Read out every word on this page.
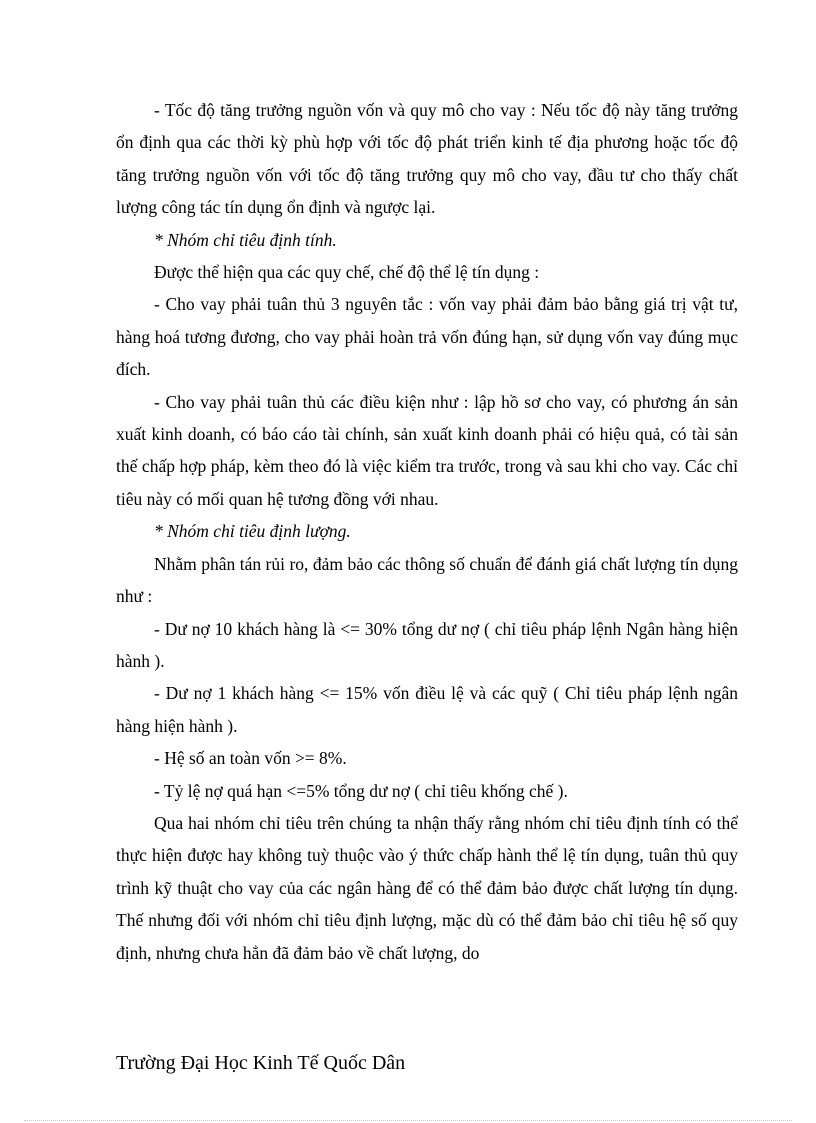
- Tốc độ tăng trưởng nguồn vốn và quy mô cho vay : Nếu tốc độ này tăng trưởng ổn định qua các thời kỳ phù hợp với tốc độ phát triển kinh tế địa phương hoặc tốc độ tăng trưởng nguồn vốn với tốc độ tăng trưởng quy mô cho vay, đầu tư cho thấy chất lượng công tác tín dụng ổn định và ngược lại.

* Nhóm chỉ tiêu định tính.

Được thể hiện qua các quy chế, chế độ thể lệ tín dụng :

- Cho vay phải tuân thủ 3 nguyên tắc : vốn vay phải đảm bảo bằng giá trị vật tư, hàng hoá tương đương, cho vay phải hoàn trả vốn đúng hạn, sử dụng vốn vay đúng mục đích.

- Cho vay phải tuân thủ các điều kiện như : lập hồ sơ cho vay, có phương án sản xuất kinh doanh, có báo cáo tài chính, sản xuất kinh doanh phải có hiệu quả, có tài sản thế chấp hợp pháp, kèm theo đó là việc kiểm tra trước, trong và sau khi cho vay. Các chỉ tiêu này có mối quan hệ tương đồng với nhau.

* Nhóm chỉ tiêu định lượng.

Nhằm phân tán rủi ro, đảm bảo các thông số chuẩn để đánh giá chất lượng tín dụng như :

- Dư nợ 10 khách hàng là <= 30% tổng dư nợ ( chỉ tiêu pháp lệnh Ngân hàng hiện hành ).

- Dư nợ 1 khách hàng <= 15% vốn điều lệ và các quỹ ( Chỉ tiêu pháp lệnh ngân hàng hiện hành ).

- Hệ số an toàn vốn >= 8%.

- Tỷ lệ nợ quá hạn <=5% tổng dư nợ ( chỉ tiêu khống chế ).

Qua hai nhóm chỉ tiêu trên chúng ta nhận thấy rằng nhóm chỉ tiêu định tính có thể thực hiện được hay không tuỳ thuộc vào ý thức chấp hành thể lệ tín dụng, tuân thủ quy trình kỹ thuật cho vay của các ngân hàng để có thể đảm bảo được chất lượng tín dụng. Thế nhưng đối với nhóm chỉ tiêu định lượng, mặc dù có thể đảm bảo chỉ tiêu hệ số quy định, nhưng chưa hẳn đã đảm bảo về chất lượng, do

Trường Đại Học Kinh Tế Quốc Dân
